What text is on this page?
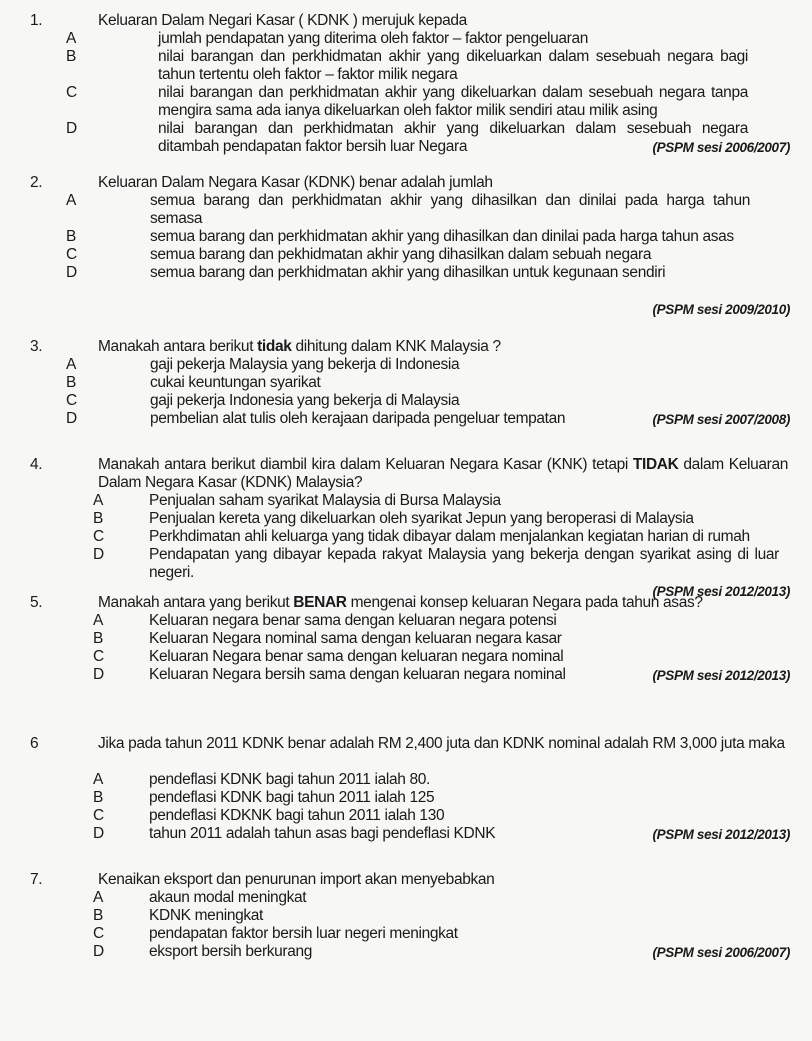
1.	Keluaran Dalam Negari Kasar ( KDNK ) merujuk kepada
A	jumlah pendapatan yang diterima oleh faktor – faktor pengeluaran
B	nilai barangan dan perkhidmatan akhir yang dikeluarkan dalam sesebuah negara bagi tahun tertentu oleh faktor – faktor milik negara
C	nilai barangan dan perkhidmatan akhir yang dikeluarkan dalam sesebuah negara tanpa mengira sama ada ianya dikeluarkan oleh faktor milik sendiri atau milik asing
D	nilai barangan dan perkhidmatan akhir yang dikeluarkan dalam sesebuah negara ditambah pendapatan faktor bersih luar Negara	(PSPM sesi 2006/2007)
2.	Keluaran Dalam Negara Kasar (KDNK) benar adalah jumlah
A	semua barang dan perkhidmatan akhir yang dihasilkan dan dinilai pada harga tahun semasa
B	semua barang dan perkhidmatan akhir yang dihasilkan dan dinilai pada harga tahun asas
C	semua barang dan pekhidmatan akhir yang dihasilkan dalam sebuah negara
D	semua barang dan perkhidmatan akhir yang dihasilkan untuk kegunaan sendiri
(PSPM sesi 2009/2010)
3.	Manakah antara berikut tidak dihitung dalam KNK Malaysia ?
A	gaji pekerja Malaysia yang bekerja di Indonesia
B	cukai keuntungan syarikat
C	gaji pekerja Indonesia yang bekerja di Malaysia
D	pembelian alat tulis oleh kerajaan daripada pengeluar tempatan	(PSPM sesi 2007/2008)
4.	Manakah antara berikut diambil kira dalam Keluaran Negara Kasar (KNK) tetapi TIDAK dalam Keluaran Dalam Negara Kasar (KDNK) Malaysia?
A	Penjualan saham syarikat Malaysia di Bursa Malaysia
B	Penjualan kereta yang dikeluarkan oleh syarikat Jepun yang beroperasi di Malaysia
C	Perkhdimatan ahli keluarga yang tidak dibayar dalam menjalankan kegiatan harian di rumah
D	Pendapatan yang dibayar kepada rakyat Malaysia yang bekerja dengan syarikat asing di luar negeri.
(PSPM sesi 2012/2013)
5.	Manakah antara yang berikut BENAR mengenai konsep keluaran Negara pada tahun asas?
A	Keluaran negara benar sama dengan keluaran negara potensi
B	Keluaran Negara nominal sama dengan keluaran negara kasar
C	Keluaran Negara benar sama dengan keluaran negara nominal
D	Keluaran Negara bersih sama dengan keluaran negara nominal	(PSPM sesi 2012/2013)
6	Jika pada tahun 2011 KDNK benar adalah RM 2,400 juta dan KDNK nominal adalah RM 3,000 juta maka
A	pendeflasi KDNK bagi tahun 2011 ialah 80.
B	pendeflasi KDNK bagi tahun 2011 ialah 125
C	pendeflasi KDKNK bagi tahun 2011 ialah 130
D	tahun 2011 adalah tahun asas bagi pendeflasi KDNK	(PSPM sesi 2012/2013)
7.	Kenaikan eksport dan penurunan import akan menyebabkan
A	akaun modal meningkat
B	KDNK meningkat
C	pendapatan faktor bersih luar negeri meningkat
D	eksport bersih berkurang	(PSPM sesi 2006/2007)
